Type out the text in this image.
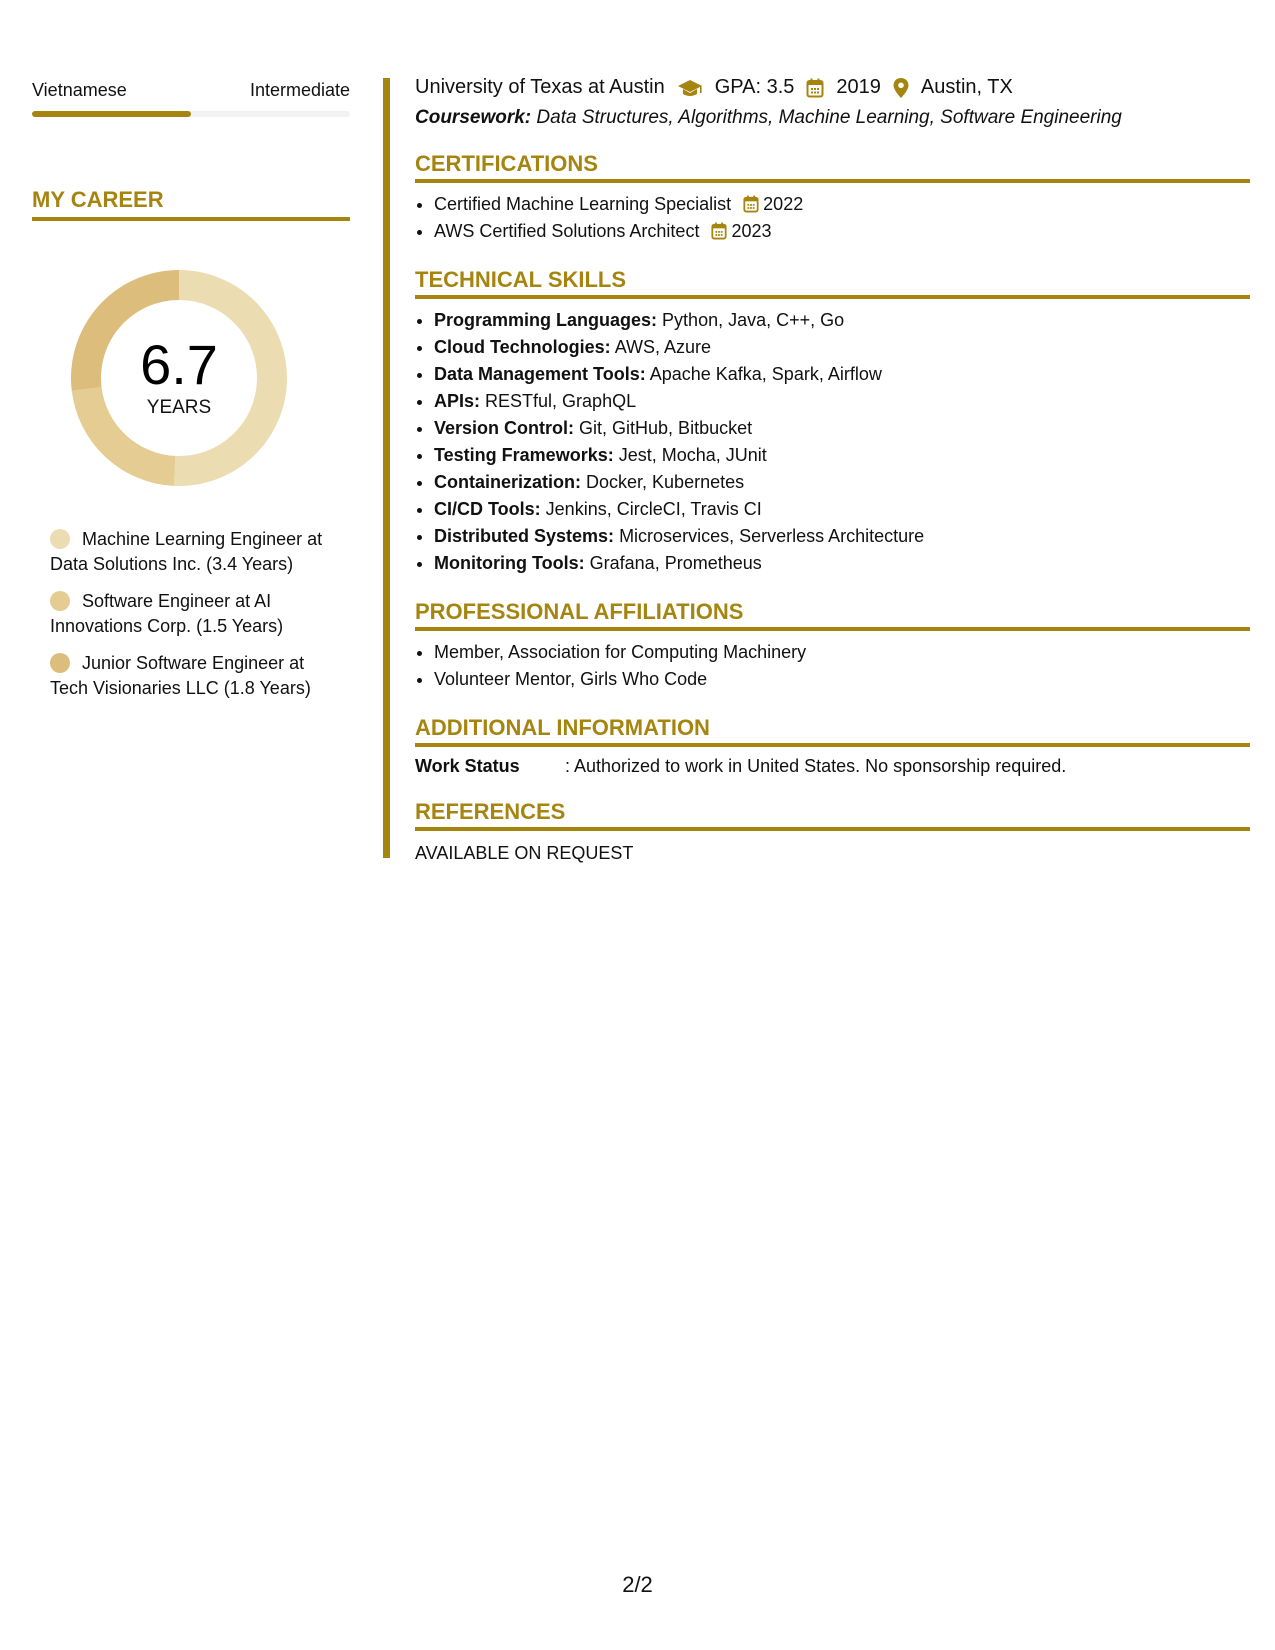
Vietnamese	Intermediate
MY CAREER
6.7
YEARS
Machine Learning Engineer at Data Solutions Inc. (3.4 Years)
Software Engineer at AI Innovations Corp. (1.5 Years)
Junior Software Engineer at Tech Visionaries LLC (1.8 Years)
University of Texas at Austin	GPA: 3.5 2019 Austin, TX
Coursework: Data Structures, Algorithms, Machine Learning, Software Engineering
CERTIFICATIONS
• Certified Machine Learning Specialist 2022
• AWS Certified Solutions Architect 2023
TECHNICAL SKILLS
• Programming Languages: Python, Java, C++, Go
• Cloud Technologies: AWS, Azure
• Data Management Tools: Apache Kafka, Spark, Airflow
• APIs: RESTful, GraphQL
• Version Control: Git, GitHub, Bitbucket
• Testing Frameworks: Jest, Mocha, JUnit
• Containerization: Docker, Kubernetes
• CI/CD Tools: Jenkins, CircleCI, Travis CI
• Distributed Systems: Microservices, Serverless Architecture
• Monitoring Tools: Grafana, Prometheus
PROFESSIONAL AFFILIATIONS
• Member, Association for Computing Machinery
• Volunteer Mentor, Girls Who Code
ADDITIONAL INFORMATION
Work Status	: Authorized to work in United States. No sponsorship required.
REFERENCES
AVAILABLE ON REQUEST
2/2
